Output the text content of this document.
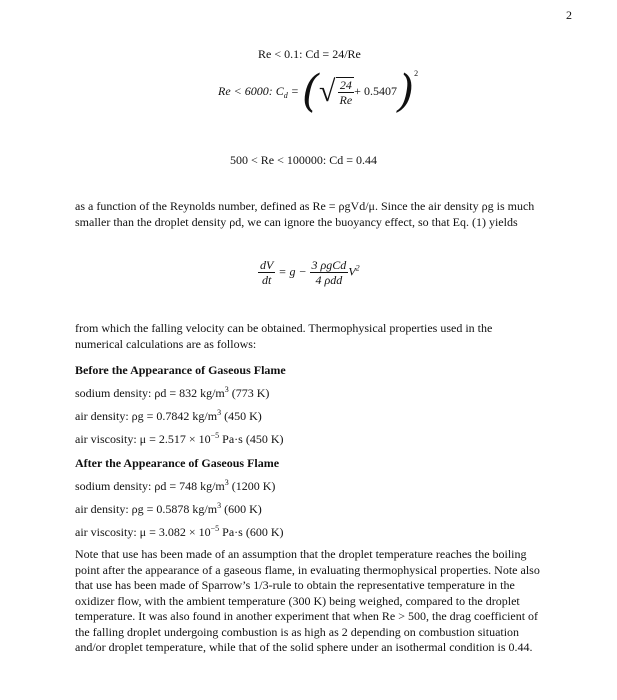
2
Re < 0.1: Cd = 24/Re
Re < 6000: $C_d$ = (√ $\frac{24}{Re} + 0.5407)^2$
500 < Re < 100000: Cd = 0.44
as a function of the Reynolds number, defined as Re = ρgVd/μ. Since the air density ρg is much
smaller than the droplet density ρd, we can ignore the buoyancy effect, so that Eq. (1) yields
$\frac{dV}{dt} = g - \frac{\text{3 ρgCd}}{\text{4 ρdd}} V^2$
from which the falling velocity can be obtained. Thermophysical properties used in the
numerical calculations are as follows:
Before the Appearance of Gaseous Flame
sodium density: ρd = 832 $kg/m^3$ (773 K)
air density: ρg = 0.7842 $kg/m^3$ (450 K)
air viscosity: $\mu = 2.517 \times 10^{-5}$ Pa·s (450 K)
After the Appearance of Gaseous Flame
sodium density: ρd = 748 $kg/m^3$ (1200 K)
air density: ρg = 0.5878 $kg/m^3$ (600 K)
air viscosity: $\mu = 3.082 \times 10^{-5}$ Pa·s (600 K)
Note that use has been made of an assumption that the droplet temperature reaches the boiling
point after the appearance of a gaseous flame, in evaluating thermophysical properties. Note also
that use has been made of Sparrow’s 1/3-rule to obtain the representative temperature in the
oxidizer flow, with the ambient temperature (300 K) being weighed, compared to the droplet
temperature. It was also found in another experiment that when Re > 500, the drag coefficient of
the falling droplet undergoing combustion is as high as 2 depending on combustion situation
and/or droplet temperature, while that of the solid sphere under an isothermal condition is 0.44.
